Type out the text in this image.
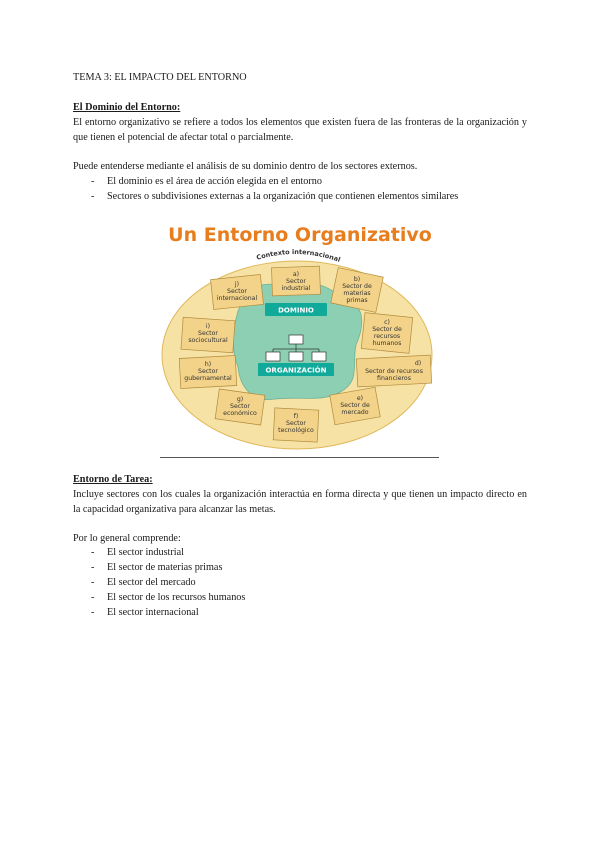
TEMA 3: EL IMPACTO DEL ENTORNO
El Dominio del Entorno:
El entorno organizativo se refiere a todos los elementos que existen fuera de las fronteras de la organización y que tienen el potencial de afectar total o parcialmente.
Puede entenderse mediante el análisis de su dominio dentro de los sectores externos.
- El dominio es el área de acción elegida en el entorno
- Sectores o subdivisiones externas a la organización que contienen elementos similares
Un Entorno Organizativo
Contexto internacional
DOMINIO
ORGANIZACIÓN
a)
Sector
industrial
b)
Sector de
materias
primas
c)
Sector de
recursos
humanos
d)
Sector de recursos
financieros
e)
Sector de
mercado
f)
Sector
tecnológico
g)
Sector
económico
h)
Sector
gubernamental
i)
Sector
sociocultural
j)
Sector
internacional
Entorno de Tarea:
Incluye sectores con los cuales la organización interactúa en forma directa y que tienen un impacto directo en la capacidad organizativa para alcanzar las metas.
Por lo general comprende:
- El sector industrial
- El sector de materias primas
- El sector del mercado
- El sector de los recursos humanos
- El sector internacional
